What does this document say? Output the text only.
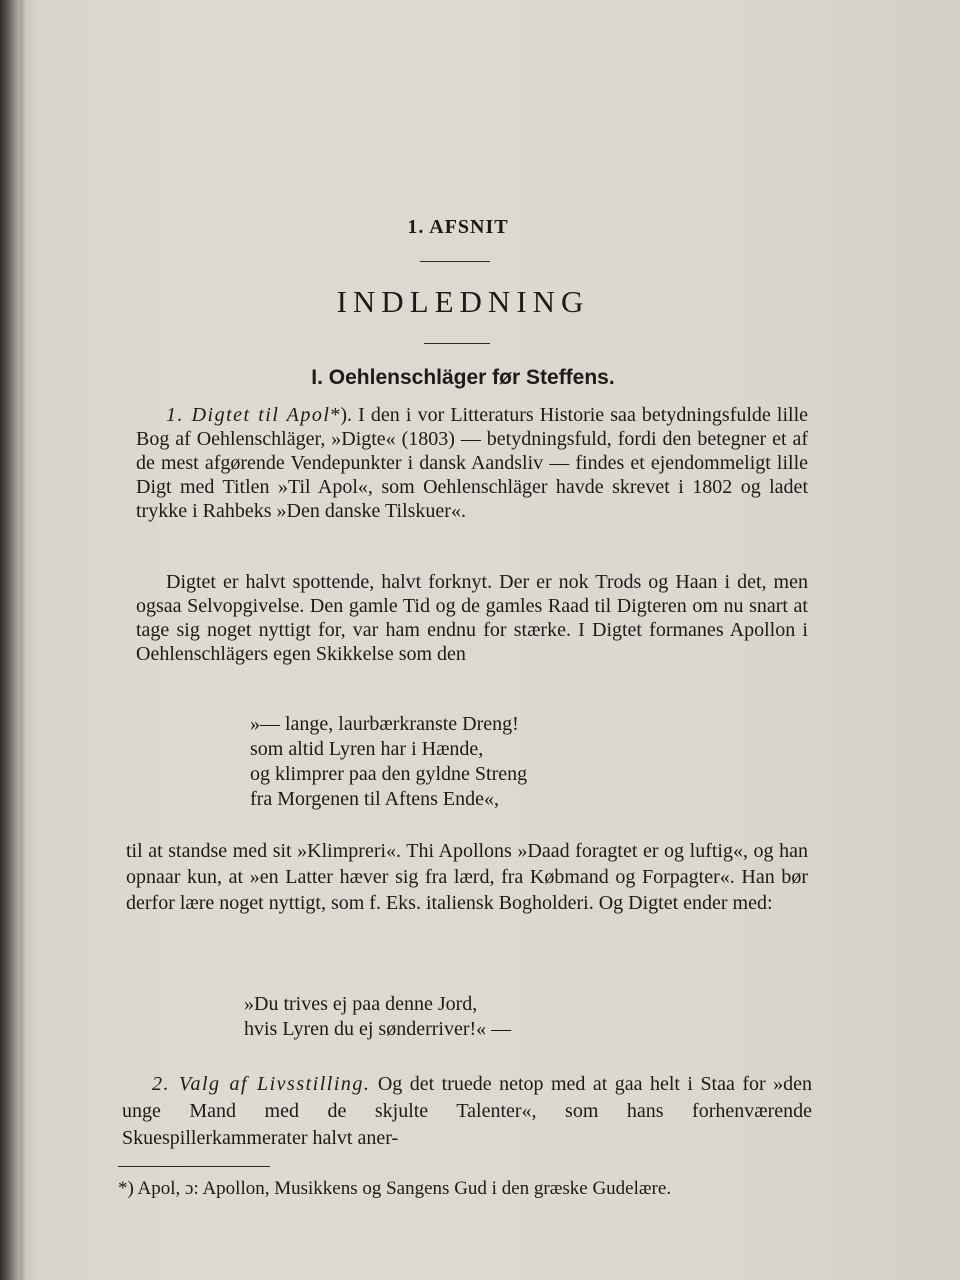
1. AFSNIT
INDLEDNING
I. Oehlenschläger før Steffens.
1. Digtet til Apol*). I den i vor Litteraturs Historie saa betydningsfulde lille Bog af Oehlenschläger, »Digte« (1803) — betydningsfuld, fordi den betegner et af de mest afgørende Vendepunkter i dansk Aandsliv — findes et ejendommeligt lille Digt med Titlen »Til Apol«, som Oehlenschläger havde skrevet i 1802 og ladet trykke i Rahbeks »Den danske Tilskuer«.
Digtet er halvt spottende, halvt forknyt. Der er nok Trods og Haan i det, men ogsaa Selvopgivelse. Den gamle Tid og de gamles Raad til Digteren om nu snart at tage sig noget nyttigt for, var ham endnu for stærke. I Digtet formanes Apollon i Oehlenschlägers egen Skikkelse som den
»— lange, laurbærkranste Dreng!
som altid Lyren har i Hænde,
og klimprer paa den gyldne Streng
fra Morgenen til Aftens Ende«,
til at standse med sit »Klimpreri«. Thi Apollons »Daad foragtet er og luftig«, og han opnaar kun, at »en Latter hæver sig fra lærd, fra Købmand og Forpagter«. Han bør derfor lære noget nyttigt, som f. Eks. italiensk Bogholderi. Og Digtet ender med:
»Du trives ej paa denne Jord,
hvis Lyren du ej sønderriver!« —
2. Valg af Livsstilling. Og det truede netop med at gaa helt i Staa for »den unge Mand med de skjulte Talenter«, som hans forhenværende Skuespillerkammerater halvt aner-
*) Apol, ɔ: Apollon, Musikkens og Sangens Gud i den græske Gudelære.
